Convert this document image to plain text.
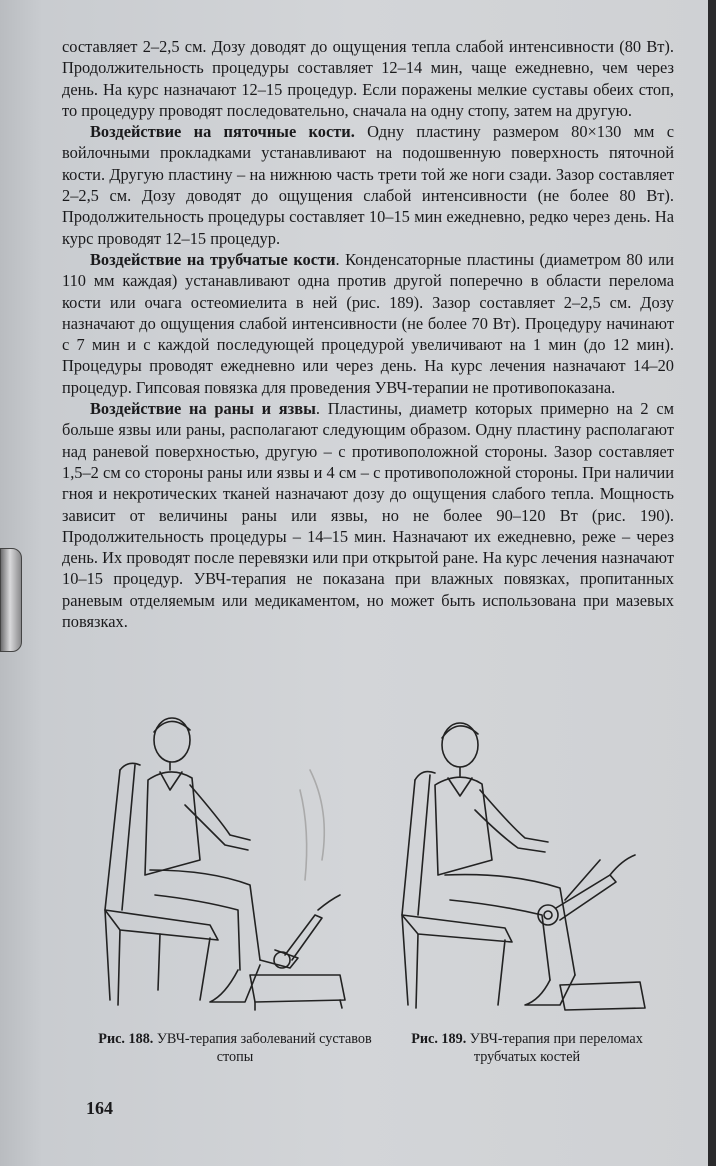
составляет 2–2,5 см. Дозу доводят до ощущения тепла слабой интенсивности (80 Вт). Продолжительность процедуры составляет 12–14 мин, чаще ежедневно, чем через день. На курс назначают 12–15 процедур. Если поражены мелкие суставы обеих стоп, то процедуру проводят последовательно, сначала на одну стопу, затем на другую.

Воздействие на пяточные кости. Одну пластину размером 80×130 мм с войлочными прокладками устанавливают на подошвенную поверхность пяточной кости. Другую пластину – на нижнюю часть трети той же ноги сзади. Зазор составляет 2–2,5 см. Дозу доводят до ощущения слабой интенсивности (не более 80 Вт). Продолжительность процедуры составляет 10–15 мин ежедневно, редко через день. На курс проводят 12–15 процедур.

Воздействие на трубчатые кости. Конденсаторные пластины (диаметром 80 или 110 мм каждая) устанавливают одна против другой поперечно в области перелома кости или очага остеомиелита в ней (рис. 189). Зазор составляет 2–2,5 см. Дозу назначают до ощущения слабой интенсивности (не более 70 Вт). Процедуру начинают с 7 мин и с каждой последующей процедурой увеличивают на 1 мин (до 12 мин). Процедуры проводят ежедневно или через день. На курс лечения назначают 14–20 процедур. Гипсовая повязка для проведения УВЧ-терапии не противопоказана.

Воздействие на раны и язвы. Пластины, диаметр которых примерно на 2 см больше язвы или раны, располагают следующим образом. Одну пластину располагают над раневой поверхностью, другую – с противоположной стороны. Зазор составляет 1,5–2 см со стороны раны или язвы и 4 см – с противоположной стороны. При наличии гноя и некротических тканей назначают дозу до ощущения слабого тепла. Мощность зависит от величины раны или язвы, но не более 90–120 Вт (рис. 190). Продолжительность процедуры – 14–15 мин. Назначают их ежедневно, реже – через день. Их проводят после перевязки или при открытой ране. На курс лечения назначают 10–15 процедур. УВЧ-терапия не показана при влажных повязках, пропитанных раневым отделяемым или медикаментом, но может быть использована при мазевых повязках.

Рис. 188. УВЧ-терапия заболеваний суставов стопы
Рис. 189. УВЧ-терапия при переломах трубчатых костей
164
